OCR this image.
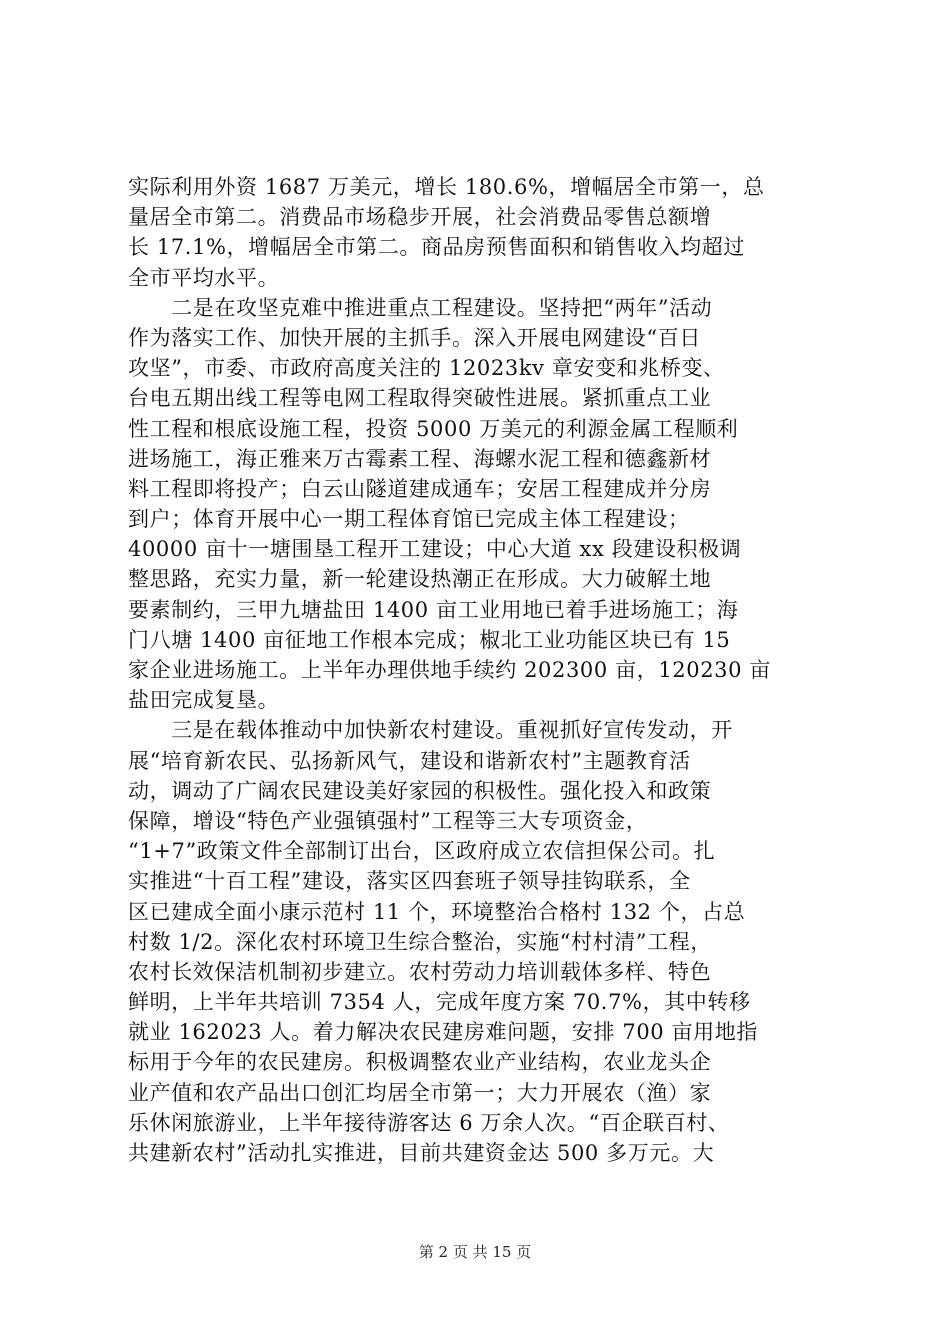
实际利用外资 1687 万美元，增长 180.6%，增幅居全市第一，总
量居全市第二。消费品市场稳步开展，社会消费品零售总额增
长 17.1%，增幅居全市第二。商品房预售面积和销售收入均超过
全市平均水平。
　　二是在攻坚克难中推进重点工程建设。坚持把“两年”活动
作为落实工作、加快开展的主抓手。深入开展电网建设“百日
攻坚”，市委、市政府高度关注的 12023kv 章安变和兆桥变、
台电五期出线工程等电网工程取得突破性进展。紧抓重点工业
性工程和根底设施工程，投资 5000 万美元的利源金属工程顺利
进场施工，海正雅来万古霉素工程、海螺水泥工程和德鑫新材
料工程即将投产；白云山隧道建成通车；安居工程建成并分房
到户；体育开展中心一期工程体育馆已完成主体工程建设；
40000 亩十一塘围垦工程开工建设；中心大道 xx 段建设积极调
整思路，充实力量，新一轮建设热潮正在形成。大力破解土地
要素制约，三甲九塘盐田 1400 亩工业用地已着手进场施工；海
门八塘 1400 亩征地工作根本完成；椒北工业功能区块已有 15
家企业进场施工。上半年办理供地手续约 202300 亩，120230 亩
盐田完成复垦。
　　三是在载体推动中加快新农村建设。重视抓好宣传发动，开
展“培育新农民、弘扬新风气，建设和谐新农村”主题教育活
动，调动了广阔农民建设美好家园的积极性。强化投入和政策
保障，增设“特色产业强镇强村”工程等三大专项资金，
“1+7”政策文件全部制订出台，区政府成立农信担保公司。扎
实推进“十百工程”建设，落实区四套班子领导挂钩联系，全
区已建成全面小康示范村 11 个，环境整治合格村 132 个，占总
村数 1/2。深化农村环境卫生综合整治，实施“村村清”工程，
农村长效保洁机制初步建立。农村劳动力培训载体多样、特色
鲜明，上半年共培训 7354 人，完成年度方案 70.7%，其中转移
就业 162023 人。着力解决农民建房难问题，安排 700 亩用地指
标用于今年的农民建房。积极调整农业产业结构，农业龙头企
业产值和农产品出口创汇均居全市第一；大力开展农（渔）家
乐休闲旅游业，上半年接待游客达 6 万余人次。“百企联百村、
共建新农村”活动扎实推进，目前共建资金达 500 多万元。大
第 2 页 共 15 页
